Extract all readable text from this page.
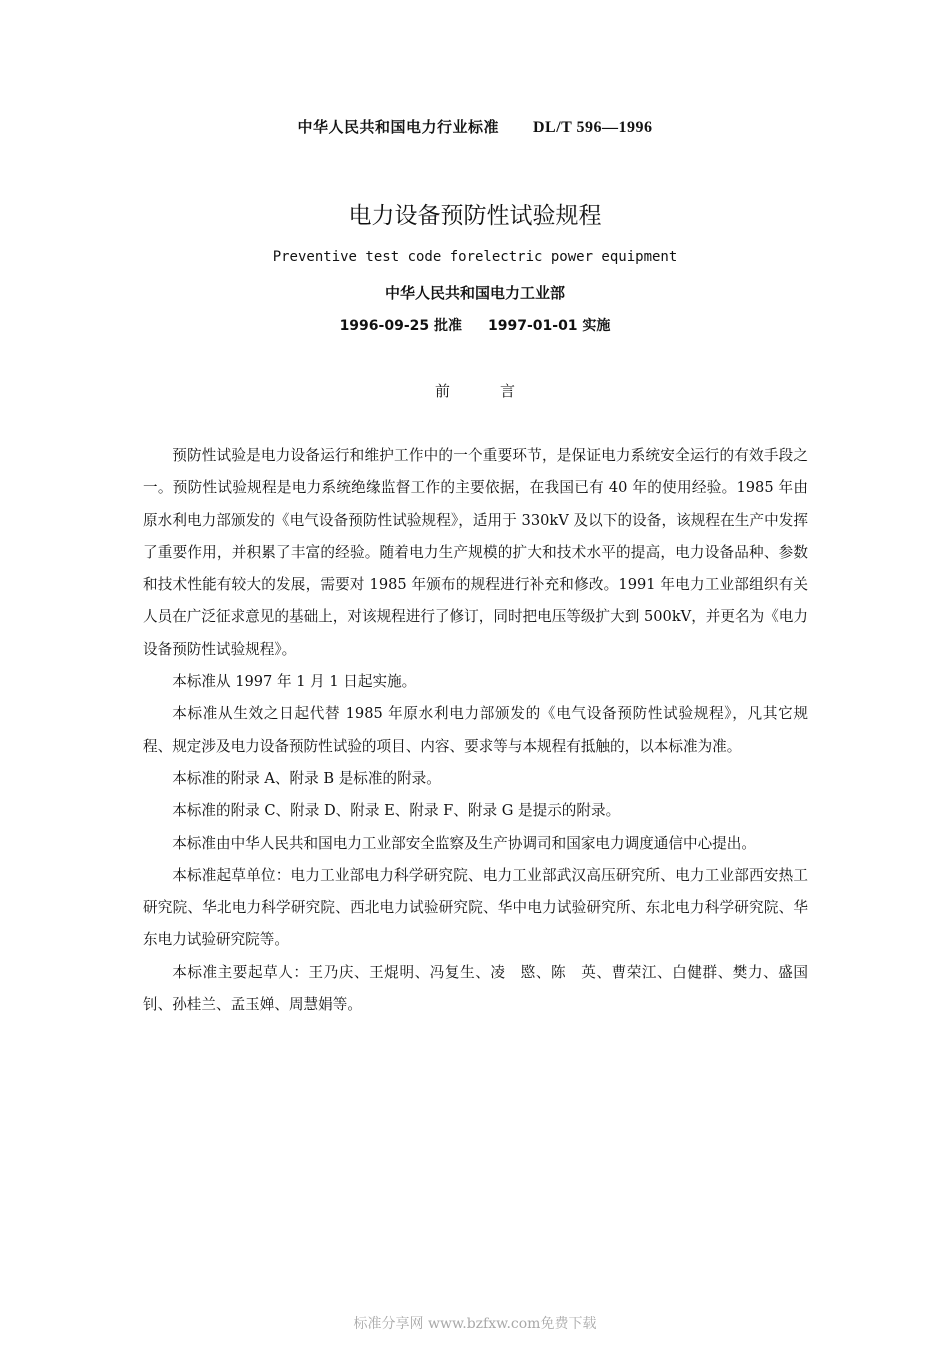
中华人民共和国电力行业标准 DL/T 596—1996
电力设备预防性试验规程
Preventive test code forelectric power equipment
中华人民共和国电力工业部
1996-09-25 批准 1997-01-01 实施
前	言

预防性试验是电力设备运行和维护工作中的一个重要环节，是保证电力系统安全运行的有效手段之一。预防性试验规程是电力系统绝缘监督工作的主要依据，在我国已有 40 年的使用经验。1985 年由原水利电力部颁发的《电气设备预防性试验规程》，适用于 330kV 及以下的设备，该规程在生产中发挥了重要作用，并积累了丰富的经验。随着电力生产规模的扩大和技术水平的提高，电力设备品种、参数和技术性能有较大的发展，需要对 1985 年颁布的规程进行补充和修改。1991 年电力工业部组织有关人员在广泛征求意见的基础上，对该规程进行了修订，同时把电压等级扩大到 500kV，并更名为《电力设备预防性试验规程》。

本标准从 1997 年 1 月 1 日起实施。

本标准从生效之日起代替 1985 年原水利电力部颁发的《电气设备预防性试验规程》，凡其它规程、规定涉及电力设备预防性试验的项目、内容、要求等与本规程有抵触的，以本标准为准。

本标准的附录 A、附录 B 是标准的附录。

本标准的附录 C、附录 D、附录 E、附录 F、附录 G 是提示的附录。

本标准由中华人民共和国电力工业部安全监察及生产协调司和国家电力调度通信中心提出。

本标准起草单位：电力工业部电力科学研究院、电力工业部武汉高压研究所、电力工业部西安热工研究院、华北电力科学研究院、西北电力试验研究院、华中电力试验研究所、东北电力科学研究院、华东电力试验研究院等。

本标准主要起草人：王乃庆、王焜明、冯复生、凌　愍、陈　英、曹荣江、白健群、樊力、盛国钊、孙桂兰、孟玉婵、周慧娟等。

标准分享网 www.bzfxw.com免费下载
